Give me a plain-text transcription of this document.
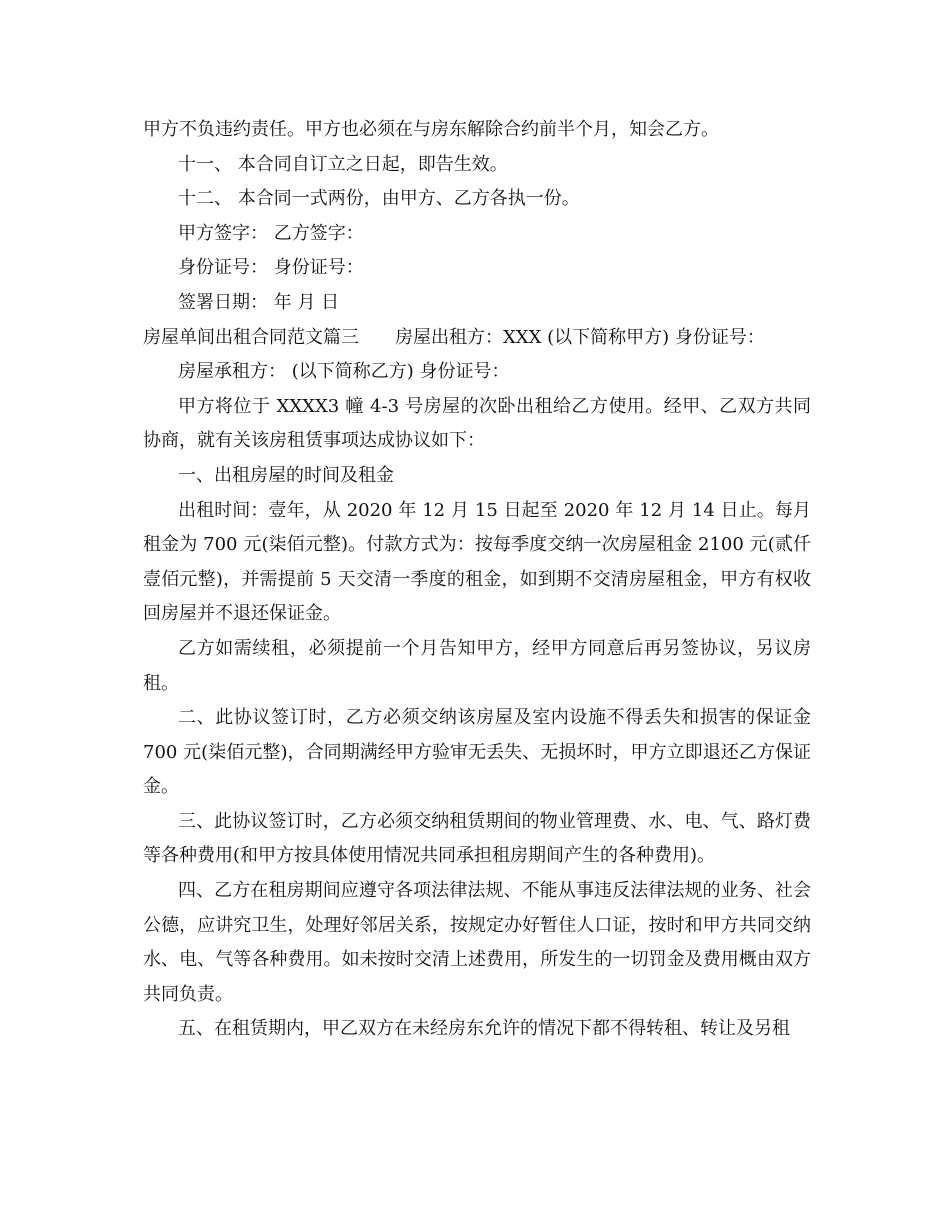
甲方不负违约责任。甲方也必须在与房东解除合约前半个月，知会乙方。

十一、 本合同自订立之日起，即告生效。

十二、 本合同一式两份，由甲方、乙方各执一份。

甲方签字： 乙方签字：

身份证号： 身份证号：

签署日期： 年 月 日

房屋单间出租合同范文篇三　　房屋出租方：XXX (以下简称甲方) 身份证号：

房屋承租方： (以下简称乙方) 身份证号：

甲方将位于 XXXX3 幢 4-3 号房屋的次卧出租给乙方使用。经甲、乙双方共同协商，就有关该房租赁事项达成协议如下：

一、出租房屋的时间及租金

出租时间：壹年，从 2020 年 12 月 15 日起至 2020 年 12 月 14 日止。每月租金为 700 元(柒佰元整)。付款方式为：按每季度交纳一次房屋租金 2100 元(贰仟壹佰元整)，并需提前 5 天交清一季度的租金，如到期不交清房屋租金，甲方有权收回房屋并不退还保证金。

乙方如需续租，必须提前一个月告知甲方，经甲方同意后再另签协议，另议房租。

二、此协议签订时，乙方必须交纳该房屋及室内设施不得丢失和损害的保证金 700 元(柒佰元整)，合同期满经甲方验审无丢失、无损坏时，甲方立即退还乙方保证金。

三、此协议签订时，乙方必须交纳租赁期间的物业管理费、水、电、气、路灯费等各种费用(和甲方按具体使用情况共同承担租房期间产生的各种费用)。

四、乙方在租房期间应遵守各项法律法规、不能从事违反法律法规的业务、社会公德，应讲究卫生，处理好邻居关系，按规定办好暂住人口证，按时和甲方共同交纳水、电、气等各种费用。如未按时交清上述费用，所发生的一切罚金及费用概由双方共同负责。

五、在租赁期内，甲乙双方在未经房东允许的情况下都不得转租、转让及另租
